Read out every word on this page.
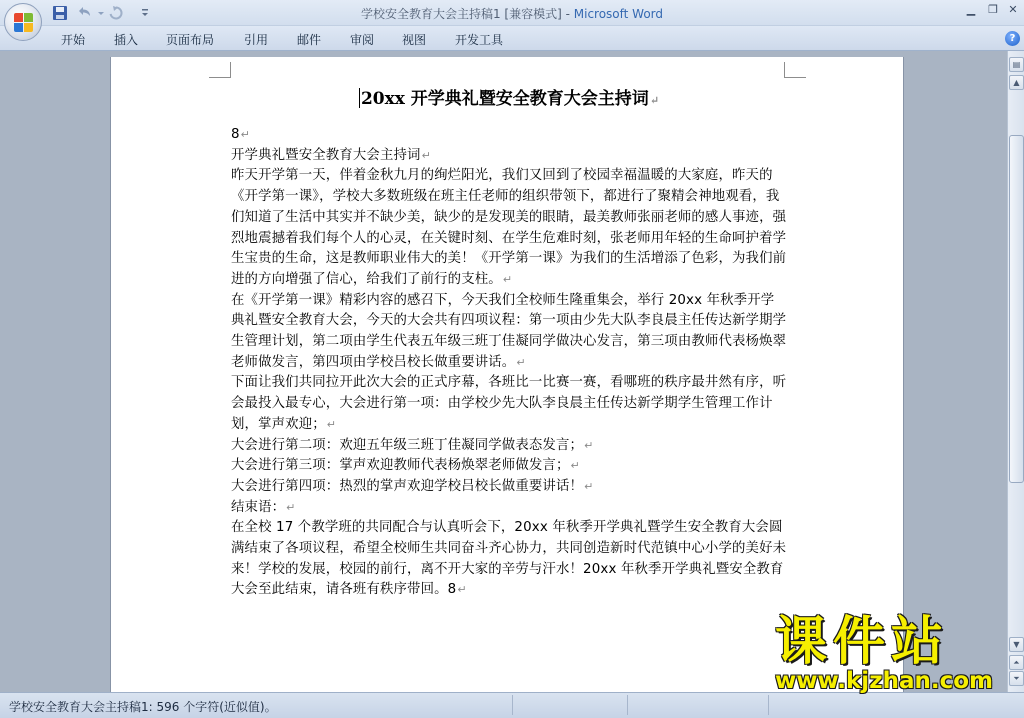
学校安全教育大会主持稿1 [兼容模式] - Microsoft Word	▁ ❐ ✕
开始 插入 页面布局 引用 邮件 审阅 视图 开发工具	?
20xx 开学典礼暨安全教育大会主持词↵
8↵
开学典礼暨安全教育大会主持词↵
昨天开学第一天，伴着金秋九月的绚烂阳光，我们又回到了校园幸福温暖的大家庭，昨天的《开学第一课》，学校大多数班级在班主任老师的组织带领下，都进行了聚精会神地观看，我们知道了生活中其实并不缺少美，缺少的是发现美的眼睛，最美教师张丽老师的感人事迹，强烈地震撼着我们每个人的心灵，在关键时刻、在学生危难时刻，张老师用年轻的生命呵护着学生宝贵的生命，这是教师职业伟大的美！《开学第一课》为我们的生活增添了色彩，为我们前进的方向增强了信心，给我们了前行的支柱。↵
在《开学第一课》精彩内容的感召下，今天我们全校师生隆重集会，举行 20xx 年秋季开学典礼暨安全教育大会，今天的大会共有四项议程：第一项由少先大队李良晨主任传达新学期学生管理计划，第二项由学生代表五年级三班丁佳凝同学做决心发言，第三项由教师代表杨焕翠老师做发言，第四项由学校吕校长做重要讲话。↵
下面让我们共同拉开此次大会的正式序幕，各班比一比赛一赛，看哪班的秩序最井然有序，听会最投入最专心，大会进行第一项：由学校少先大队李良晨主任传达新学期学生管理工作计划，掌声欢迎；↵
大会进行第二项：欢迎五年级三班丁佳凝同学做表态发言；↵
大会进行第三项：掌声欢迎教师代表杨焕翠老师做发言；↵
大会进行第四项：热烈的掌声欢迎学校吕校长做重要讲话！↵
结束语：↵
在全校 17 个教学班的共同配合与认真听会下，20xx 年秋季开学典礼暨学生安全教育大会圆满结束了各项议程，希望全校师生共同奋斗齐心协力，共同创造新时代范镇中心小学的美好未来！学校的发展，校园的前行，离不开大家的辛劳与汗水！20xx 年秋季开学典礼暨安全教育大会至此结束，请各班有秩序带回。8↵
▤
▲
▼
⏶
⏷
学校安全教育大会主持稿1: 596 个字符(近似值)。
课件站
www.kjzhan.com
